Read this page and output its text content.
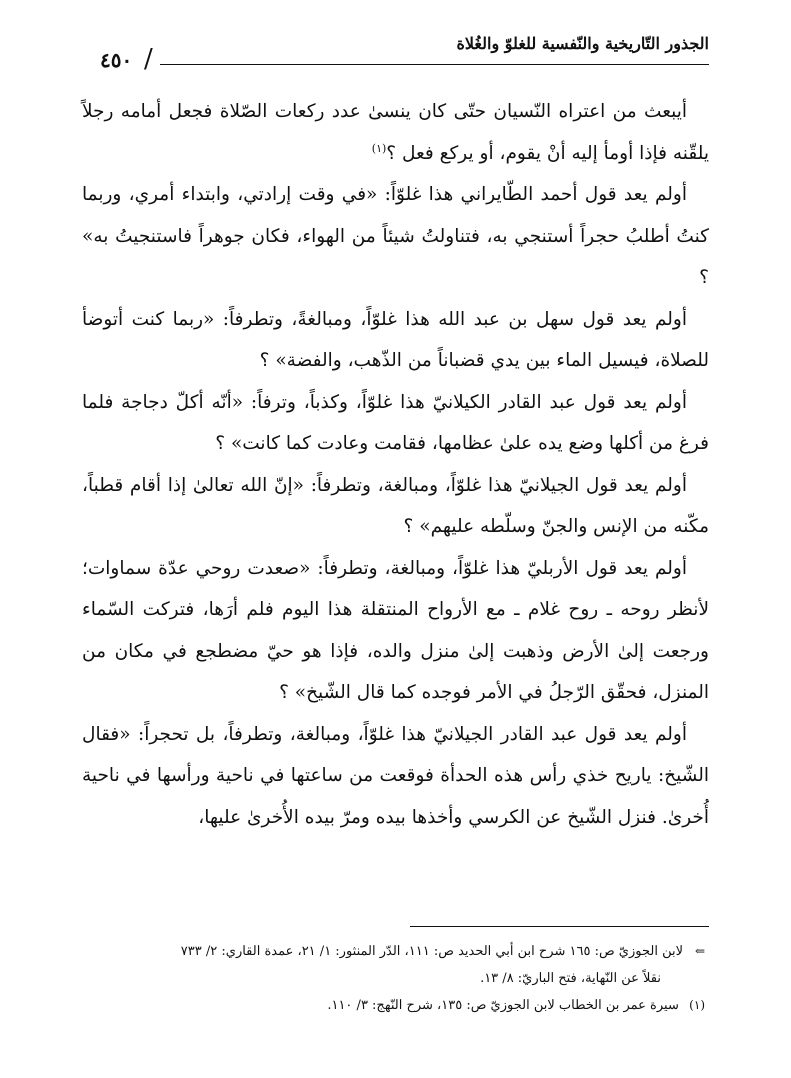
الجذور التّاريخية والنّفسية للغلوّ والغُلاة
/
٤٥٠

أيبعث من اعتراه النّسيان حتّى كان ينسىٰ عدد ركعات الصّلاة فجعل أمامه رجلاً يلقّنه فإذا أومأ إليه أنْ يقوم، أو يركع فعل ؟$^{(١)}$

أولم يعد قول أحمد الطّايراني هذا غلوّاً: «في وقت إرادتي، وابتداء أمري، وربما كنتُ أطلبُ حجراً أستنجي به، فتناولتُ شيئاً من الهواء، فكان جوهراً فاستنجيتُ به» ؟

أولم يعد قول سهل بن عبد الله هذا غلوّاً، ومبالغةً، وتطرفاً: «ربما كنت أتوضأ للصلاة، فيسيل الماء بين يدي قضباناً من الذّهب، والفضة» ؟

أولم يعد قول عبد القادر الكيلانيّ هذا غلوّاً، وكذباً، وترفاً: «أنّه أكلّ دجاجة فلما فرغ من أكلها وضع يده علىٰ عظامها، فقامت وعادت كما كانت» ؟

أولم يعد قول الجيلانيّ هذا غلوّاً، ومبالغة، وتطرفاً: «إنّ الله تعالىٰ إذا أقام قطباً، مكّنه من الإنس والجنّ وسلّطه عليهم» ؟

أولم يعد قول الأربليّ هذا غلوّاً، ومبالغة، وتطرفاً: «صعدت روحي عدّة سماوات؛ لأنظر روحه ـ روح غلام ـ مع الأرواح المنتقلة هذا اليوم فلم أرَها، فتركت السّماء ورجعت إلىٰ الأرض وذهبت إلىٰ منزل والده، فإذا هو حيّ مضطجع في مكان من المنزل، فحقّق الرّجلُ في الأمر فوجده كما قال الشّيخ» ؟

أولم يعد قول عبد القادر الجيلانيّ هذا غلوّاً، ومبالغة، وتطرفاً، بل تحجراً: «فقال الشّيخ: ياريح خذي رأس هذه الحدأة فوقعت من ساعتها في ناحية ورأسها في ناحية أُخرىٰ. فنزل الشّيخ عن الكرسي وأخذها بيده ومرّ بيده الأُخرىٰ عليها،

⇐لابن الجوزيّ ص: ١٦٥ شرح ابن أبي الحديد ص: ١١١، الدّر المنثور: ١/ ٢١، عمدة القاري: ٢/ ٧٣٣

نقلاً عن النّهاية، فتح الباريّ: ٨/ ١٣.

(١) سيرة عمر بن الخطاب لابن الجوزيّ ص: ١٣٥، شرح النّهج: ٣/ ١١٠.
